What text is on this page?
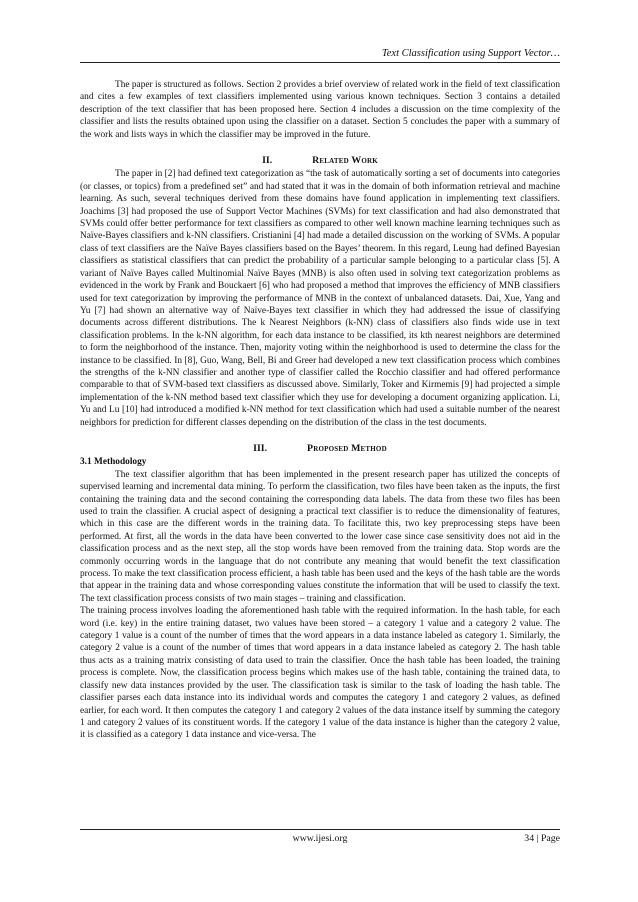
Text Classification using Support Vector…

The paper is structured as follows. Section 2 provides a brief overview of related work in the field of text classification and cites a few examples of text classifiers implemented using various known techniques. Section 3 contains a detailed description of the text classifier that has been proposed here. Section 4 includes a discussion on the time complexity of the classifier and lists the results obtained upon using the classifier on a dataset. Section 5 concludes the paper with a summary of the work and lists ways in which the classifier may be improved in the future.

II.	Related Work

The paper in [2] had defined text categorization as “the task of automatically sorting a set of documents into categories (or classes, or topics) from a predefined set” and had stated that it was in the domain of both information retrieval and machine learning. As such, several techniques derived from these domains have found application in implementing text classifiers. Joachims [3] had proposed the use of Support Vector Machines (SVMs) for text classification and had also demonstrated that SVMs could offer better performance for text classifiers as compared to other well known machine learning techniques such as Naïve-Bayes classifiers and k-NN classifiers. Cristianini [4] had made a detailed discussion on the working of SVMs. A popular class of text classifiers are the Naïve Bayes classifiers based on the Bayes’ theorem. In this regard, Leung had defined Bayesian classifiers as statistical classifiers that can predict the probability of a particular sample belonging to a particular class [5]. A variant of Naïve Bayes called Multinomial Naïve Bayes (MNB) is also often used in solving text categorization problems as evidenced in the work by Frank and Bouckaert [6] who had proposed a method that improves the efficiency of MNB classifiers used for text categorization by improving the performance of MNB in the context of unbalanced datasets. Dai, Xue, Yang and Yu [7] had shown an alternative way of Naïve-Bayes text classifier in which they had addressed the issue of classifying documents across different distributions. The k Nearest Neighbors (k-NN) class of classifiers also finds wide use in text classification problems. In the k-NN algorithm, for each data instance to be classified, its kth nearest neighbors are determined to form the neighborhood of the instance. Then, majority voting within the neighborhood is used to determine the class for the instance to be classified. In [8], Guo, Wang, Bell, Bi and Greer had developed a new text classification process which combines the strengths of the k-NN classifier and another type of classifier called the Rocchio classifier and had offered performance comparable to that of SVM-based text classifiers as discussed above. Similarly, Toker and Kirmemis [9] had projected a simple implementation of the k-NN method based text classifier which they use for developing a document organizing application. Li, Yu and Lu [10] had introduced a modified k-NN method for text classification which had used a suitable number of the nearest neighbors for prediction for different classes depending on the distribution of the class in the test documents.

III.	Proposed Method
3.1 Methodology

The text classifier algorithm that has been implemented in the present research paper has utilized the concepts of supervised learning and incremental data mining. To perform the classification, two files have been taken as the inputs, the first containing the training data and the second containing the corresponding data labels. The data from these two files has been used to train the classifier. A crucial aspect of designing a practical text classifier is to reduce the dimensionality of features, which in this case are the different words in the training data. To facilitate this, two key preprocessing steps have been performed. At first, all the words in the data have been converted to the lower case since case sensitivity does not aid in the classification process and as the next step, all the stop words have been removed from the training data. Stop words are the commonly occurring words in the language that do not contribute any meaning that would benefit the text classification process. To make the text classification process efficient, a hash table has been used and the keys of the hash table are the words that appear in the training data and whose corresponding values constitute the information that will be used to classify the text. The text classification process consists of two main stages – training and classification.

The training process involves loading the aforementioned hash table with the required information. In the hash table, for each word (i.e. key) in the entire training dataset, two values have been stored – a category 1 value and a category 2 value. The category 1 value is a count of the number of times that the word appears in a data instance labeled as category 1. Similarly, the category 2 value is a count of the number of times that word appears in a data instance labeled as category 2. The hash table thus acts as a training matrix consisting of data used to train the classifier. Once the hash table has been loaded, the training process is complete. Now, the classification process begins which makes use of the hash table, containing the trained data, to classify new data instances provided by the user. The classification task is similar to the task of loading the hash table. The classifier parses each data instance into its individual words and computes the category 1 and category 2 values, as defined earlier, for each word. It then computes the category 1 and category 2 values of the data instance itself by summing the category 1 and category 2 values of its constituent words. If the category 1 value of the data instance is higher than the category 2 value, it is classified as a category 1 data instance and vice-versa. The

www.ijesi.org	34 | Page
